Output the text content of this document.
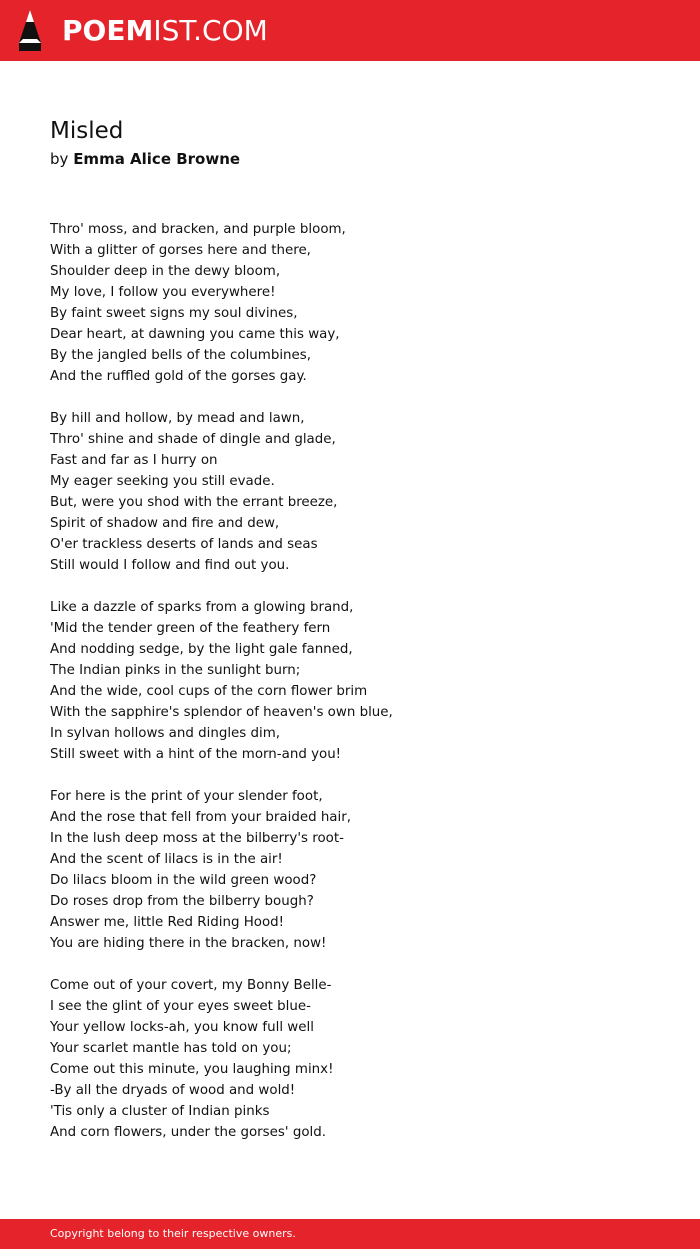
POEMIST.COM
Misled
by Emma Alice Browne
Thro' moss, and bracken, and purple bloom,
With a glitter of gorses here and there,
Shoulder deep in the dewy bloom,
My love, I follow you everywhere!
By faint sweet signs my soul divines,
Dear heart, at dawning you came this way,
By the jangled bells of the columbines,
And the ruffled gold of the gorses gay.
By hill and hollow, by mead and lawn,
Thro' shine and shade of dingle and glade,
Fast and far as I hurry on
My eager seeking you still evade.
But, were you shod with the errant breeze,
Spirit of shadow and fire and dew,
O'er trackless deserts of lands and seas
Still would I follow and find out you.
Like a dazzle of sparks from a glowing brand,
'Mid the tender green of the feathery fern
And nodding sedge, by the light gale fanned,
The Indian pinks in the sunlight burn;
And the wide, cool cups of the corn flower brim
With the sapphire's splendor of heaven's own blue,
In sylvan hollows and dingles dim,
Still sweet with a hint of the morn-and you!
For here is the print of your slender foot,
And the rose that fell from your braided hair,
In the lush deep moss at the bilberry's root-
And the scent of lilacs is in the air!
Do lilacs bloom in the wild green wood?
Do roses drop from the bilberry bough?
Answer me, little Red Riding Hood!
You are hiding there in the bracken, now!
Come out of your covert, my Bonny Belle-
I see the glint of your eyes sweet blue-
Your yellow locks-ah, you know full well
Your scarlet mantle has told on you;
Come out this minute, you laughing minx!
-By all the dryads of wood and wold!
'Tis only a cluster of Indian pinks
And corn flowers, under the gorses' gold.
Copyright belong to their respective owners.
